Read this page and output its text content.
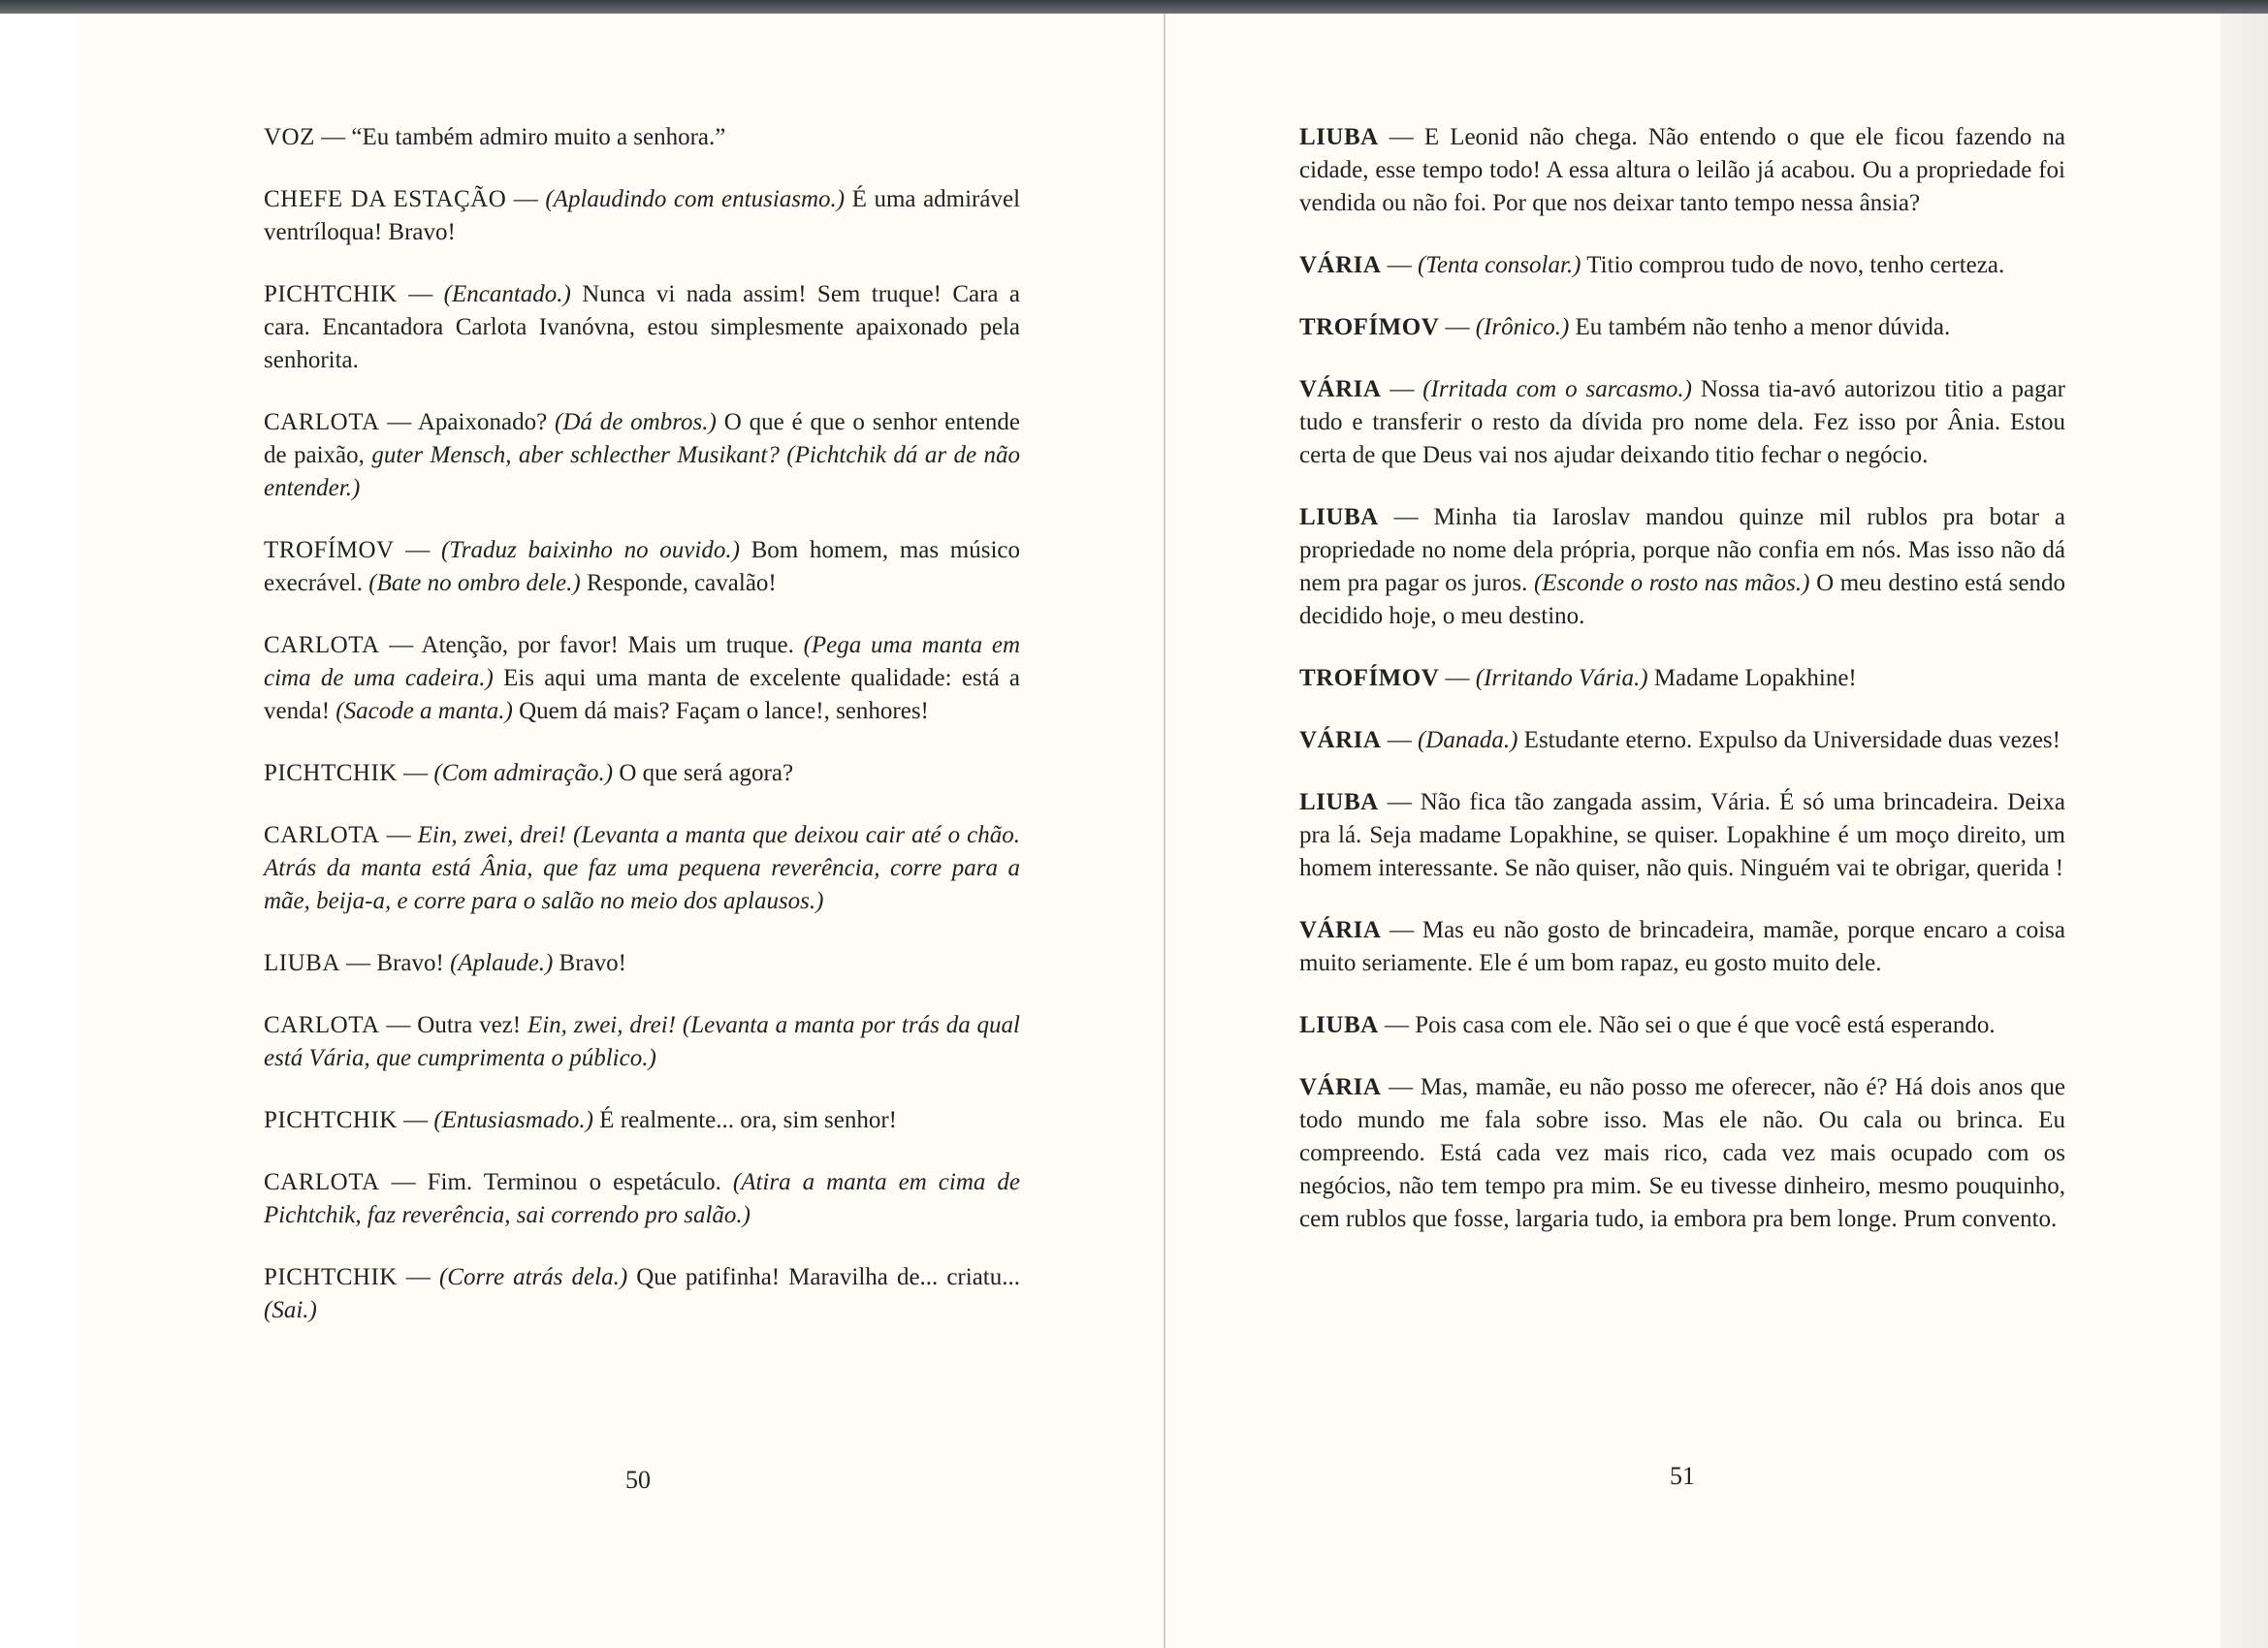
VOZ — “Eu também admiro muito a senhora.”

CHEFE DA ESTAÇÃO — (Aplaudindo com entusiasmo.) É uma admirável ventríloqua! Bravo!

PICHTCHIK — (Encantado.) Nunca vi nada assim! Sem truque! Cara a cara. Encantadora Carlota Ivanóvna, estou simplesmente apaixonado pela senhorita.

CARLOTA — Apaixonado? (Dá de ombros.) O que é que o senhor entende de paixão, guter Mensch, aber schlecther Musikant? (Pichtchik dá ar de não entender.)

TROFÍMOV — (Traduz baixinho no ouvido.) Bom homem, mas músico execrável. (Bate no ombro dele.) Responde, cavalão!

CARLOTA — Atenção, por favor! Mais um truque. (Pega uma manta em cima de uma cadeira.) Eis aqui uma manta de excelente qualidade: está a venda! (Sacode a manta.) Quem dá mais? Façam o lance!, senhores!

PICHTCHIK — (Com admiração.) O que será agora?

CARLOTA — Ein, zwei, drei! (Levanta a manta que deixou cair até o chão. Atrás da manta está Ânia, que faz uma pequena reverência, corre para a mãe, beija-a, e corre para o salão no meio dos aplausos.)

LIUBA — Bravo! (Aplaude.) Bravo!

CARLOTA — Outra vez! Ein, zwei, drei! (Levanta a manta por trás da qual está Vária, que cumprimenta o público.)

PICHTCHIK — (Entusiasmado.) É realmente... ora, sim senhor!

CARLOTA — Fim. Terminou o espetáculo. (Atira a manta em cima de Pichtchik, faz reverência, sai correndo pro salão.)

PICHTCHIK — (Corre atrás dela.) Que patifinha! Maravilha de... criatu... (Sai.)

50

LIUBA — E Leonid não chega. Não entendo o que ele ficou fazendo na cidade, esse tempo todo! A essa altura o leilão já acabou. Ou a propriedade foi vendida ou não foi. Por que nos deixar tanto tempo nessa ânsia?

VÁRIA — (Tenta consolar.) Titio comprou tudo de novo, tenho certeza.

TROFÍMOV — (Irônico.) Eu também não tenho a menor dúvida.

VÁRIA — (Irritada com o sarcasmo.) Nossa tia-avó autorizou titio a pagar tudo e transferir o resto da dívida pro nome dela. Fez isso por Ânia. Estou certa de que Deus vai nos ajudar deixando titio fechar o negócio.

LIUBA — Minha tia Iaroslav mandou quinze mil rublos pra botar a propriedade no nome dela própria, porque não confia em nós. Mas isso não dá nem pra pagar os juros. (Esconde o rosto nas mãos.) O meu destino está sendo decidido hoje, o meu destino.

TROFÍMOV — (Irritando Vária.) Madame Lopakhine!

VÁRIA — (Danada.) Estudante eterno. Expulso da Universidade duas vezes!

LIUBA — Não fica tão zangada assim, Vária. É só uma brincadeira. Deixa pra lá. Seja madame Lopakhine, se quiser. Lopakhine é um moço direito, um homem interessante. Se não quiser, não quis. Ninguém vai te obrigar, querida !

VÁRIA — Mas eu não gosto de brincadeira, mamãe, porque encaro a coisa muito seriamente. Ele é um bom rapaz, eu gosto muito dele.

LIUBA — Pois casa com ele. Não sei o que é que você está esperando.

VÁRIA — Mas, mamãe, eu não posso me oferecer, não é? Há dois anos que todo mundo me fala sobre isso. Mas ele não. Ou cala ou brinca. Eu compreendo. Está cada vez mais rico, cada vez mais ocupado com os negócios, não tem tempo pra mim. Se eu tivesse dinheiro, mesmo pouquinho, cem rublos que fosse, largaria tudo, ia embora pra bem longe. Prum convento.

51
